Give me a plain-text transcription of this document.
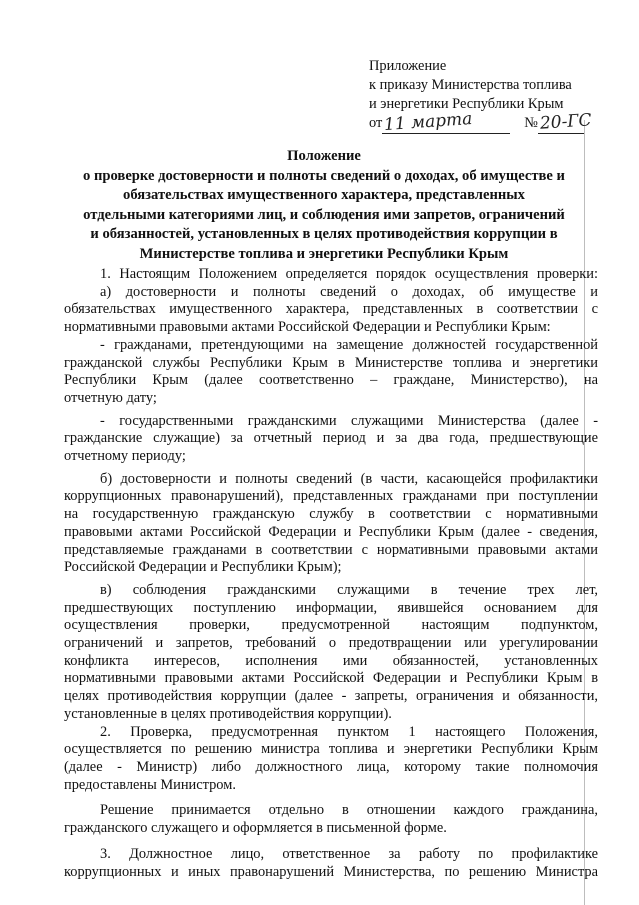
Приложение
к приказу Министерства топлива
и энергетики Республики Крым
от 11 марта	№ 20-ГС
Положение
о проверке достоверности и полноты сведений о доходах, об имуществе и
обязательствах имущественного характера, представленных
отдельными категориями лиц, и соблюдения ими запретов, ограничений
и обязанностей, установленных в целях противодействия коррупции в
Министерстве топлива и энергетики Республики Крым
1. Настоящим Положением определяется порядок осуществления проверки:
а) достоверности и полноты сведений о доходах, об имуществе и
обязательствах имущественного характера, представленных в соответствии с
нормативными правовыми актами Российской Федерации и Республики Крым:
- гражданами, претендующими на замещение должностей государственной
гражданской службы Республики Крым в Министерстве топлива и энергетики
Республики Крым (далее соответственно – граждане, Министерство), на
отчетную дату;
- государственными гражданскими служащими Министерства (далее -
гражданские служащие) за отчетный период и за два года, предшествующие
отчетному периоду;
б) достоверности и полноты сведений (в части, касающейся профилактики
коррупционных правонарушений), представленных гражданами при поступлении
на государственную гражданскую службу в соответствии с нормативными
правовыми актами Российской Федерации и Республики Крым (далее - сведения,
представляемые гражданами в соответствии с нормативными правовыми актами
Российской Федерации и Республики Крым);
в) соблюдения гражданскими служащими в течение трех лет,
предшествующих поступлению информации, явившейся основанием для
осуществления проверки, предусмотренной настоящим подпунктом,
ограничений и запретов, требований о предотвращении или урегулировании
конфликта интересов, исполнения ими обязанностей, установленных
нормативными правовыми актами Российской Федерации и Республики Крым в
целях противодействия коррупции (далее - запреты, ограничения и обязанности,
установленные в целях противодействия коррупции).
2. Проверка, предусмотренная пунктом 1 настоящего Положения,
осуществляется по решению министра топлива и энергетики Республики Крым
(далее - Министр) либо должностного лица, которому такие полномочия
предоставлены Министром.
Решение принимается отдельно в отношении каждого гражданина,
гражданского служащего и оформляется в письменной форме.
3. Должностное лицо, ответственное за работу по профилактике
коррупционных и иных правонарушений Министерства, по решению Министра
